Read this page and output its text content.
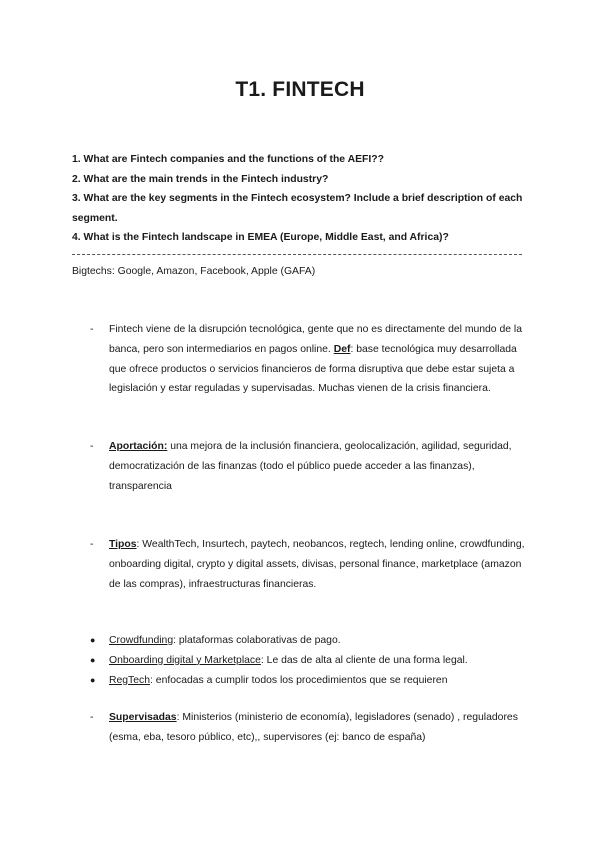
T1. FINTECH

1. What are Fintech companies and the functions of the AEFI??

2. What are the main trends in the Fintech industry?

3. What are the key segments in the Fintech ecosystem? Include a brief description of each segment.

4. What is the Fintech landscape in EMEA (Europe, Middle East, and Africa)?

Bigtechs: Google, Amazon, Facebook, Apple (GAFA)

-	Fintech viene de la disrupción tecnológica, gente que no es directamente del mundo de la banca, pero son intermediarios en pagos online. Def: base tecnológica muy desarrollada que ofrece productos o servicios financieros de forma disruptiva que debe estar sujeta a legislación y estar reguladas y supervisadas. Muchas vienen de la crisis financiera.
-	Aportación: una mejora de la inclusión financiera, geolocalización, agilidad, seguridad, democratización de las finanzas (todo el público puede acceder a las finanzas), transparencia
-	Tipos: WealthTech, Insurtech, paytech, neobancos, regtech, lending online, crowdfunding, onboarding digital, crypto y digital assets, divisas, personal finance, marketplace (amazon de las compras), infraestructuras financieras.
●	Crowdfunding: plataformas colaborativas de pago.
●	Onboarding digital y Marketplace: Le das de alta al cliente de una forma legal.
●	RegTech: enfocadas a cumplir todos los procedimientos que se requieren
-	Supervisadas: Ministerios (ministerio de economía), legisladores (senado) , reguladores (esma, eba, tesoro público, etc),, supervisores (ej: banco de españa)
